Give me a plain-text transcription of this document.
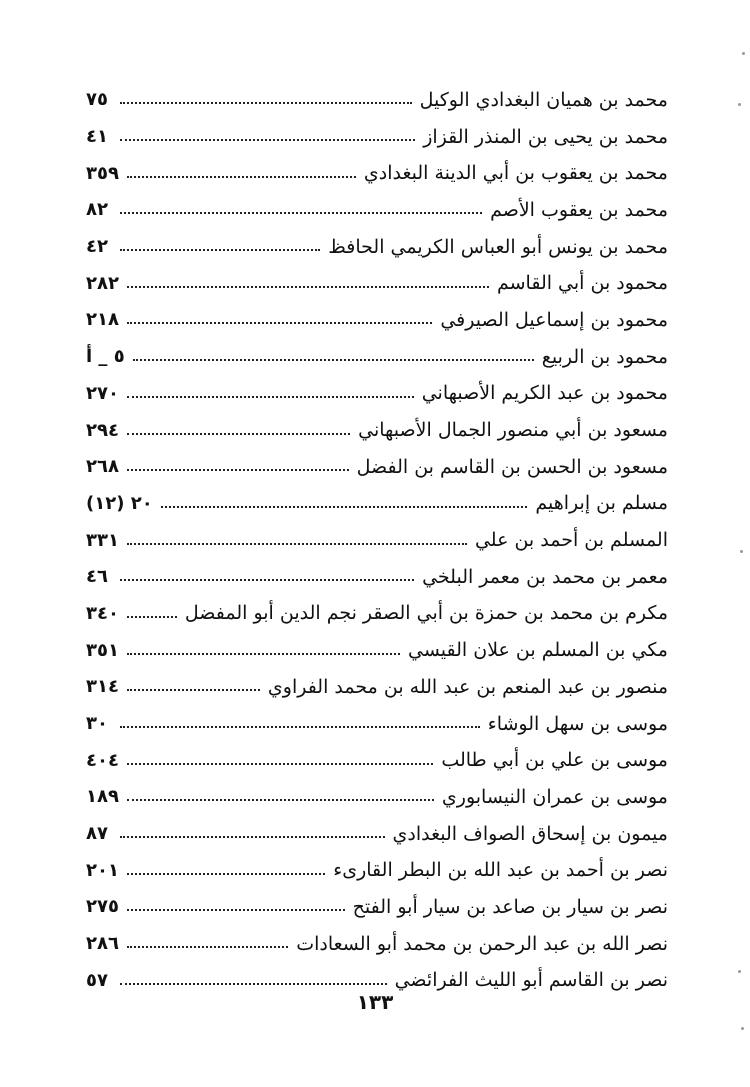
محمد بن هميان البغدادي الوكيل
٧٥
محمد بن يحيى بن المنذر القزاز
٤١
محمد بن يعقوب بن أبي الدينة البغدادي
٣٥٩
محمد بن يعقوب الأصم
٨٢
محمد بن يونس أبو العباس الكريمي الحافظ
٤٢
محمود بن أبي القاسم
٢٨٢
محمود بن إسماعيل الصيرفي
٢١٨
محمود بن الربيع
٥ _ أ
محمود بن عبد الكريم الأصبهاني
٢٧٠
مسعود بن أبي منصور الجمال الأصبهاني
٢٩٤
مسعود بن الحسن بن القاسم بن الفضل
٢٦٨
مسلم بن إبراهيم
٢٠ (١٢)
المسلم بن أحمد بن علي
٣٣١
معمر بن محمد بن معمر البلخي
٤٦
مكرم بن محمد بن حمزة بن أبي الصقر نجم الدين أبو المفضل
٣٤٠
مكي بن المسلم بن علان القيسي
٣٥١
منصور بن عبد المنعم بن عبد الله بن محمد الفراوي
٣١٤
موسى بن سهل الوشاء
٣٠
موسى بن علي بن أبي طالب
٤٠٤
موسى بن عمران النيسابوري
١٨٩
ميمون بن إسحاق الصواف البغدادي
٨٧
نصر بن أحمد بن عبد الله بن البطر القارىء
٢٠١
نصر بن سيار بن صاعد بن سيار أبو الفتح
٢٧٥
نصر الله بن عبد الرحمن بن محمد أبو السعادات
٢٨٦
نصر بن القاسم أبو الليث الفرائضي
٥٧
١٣٣
